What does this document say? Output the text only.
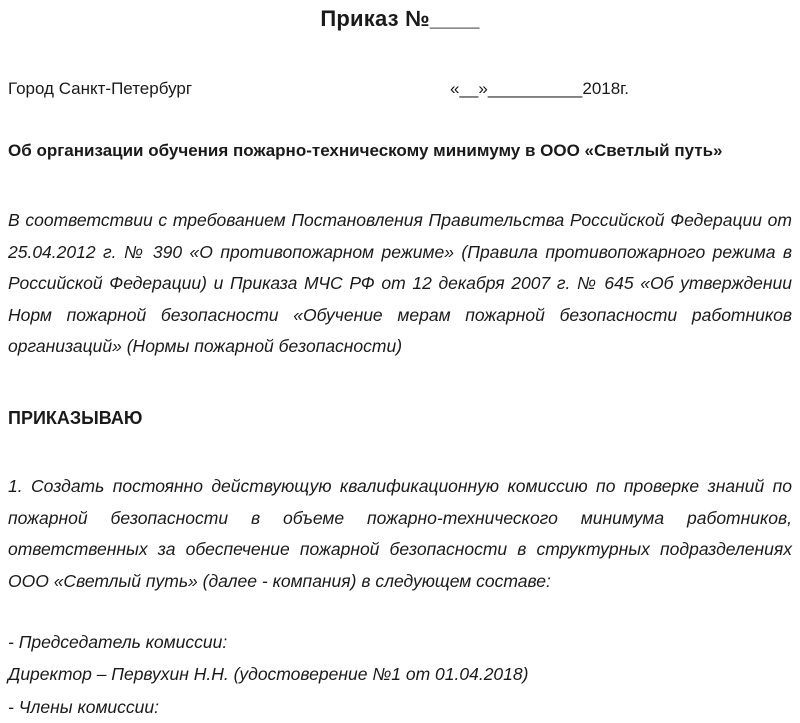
Приказ №____
Город Санкт-Петербург	«__»__________2018г.
Об организации обучения пожарно-техническому минимуму в ООО «Светлый путь»
В соответствии с требованием Постановления Правительства Российской Федерации от 25.04.2012 г. № 390 «О противопожарном режиме» (Правила противопожарного режима в Российской Федерации) и Приказа МЧС РФ от 12 декабря 2007 г. № 645 «Об утверждении Норм пожарной безопасности «Обучение мерам пожарной безопасности работников организаций» (Нормы пожарной безопасности)
ПРИКАЗЫВАЮ
1. Создать постоянно действующую квалификационную комиссию по проверке знаний по пожарной безопасности в объеме пожарно-технического минимума работников, ответственных за обеспечение пожарной безопасности в структурных подразделениях ООО «Светлый путь» (далее - компания) в следующем составе:
- Председатель комиссии:
Директор – Первухин Н.Н. (удостоверение №1 от 01.04.2018)
- Члены комиссии:
